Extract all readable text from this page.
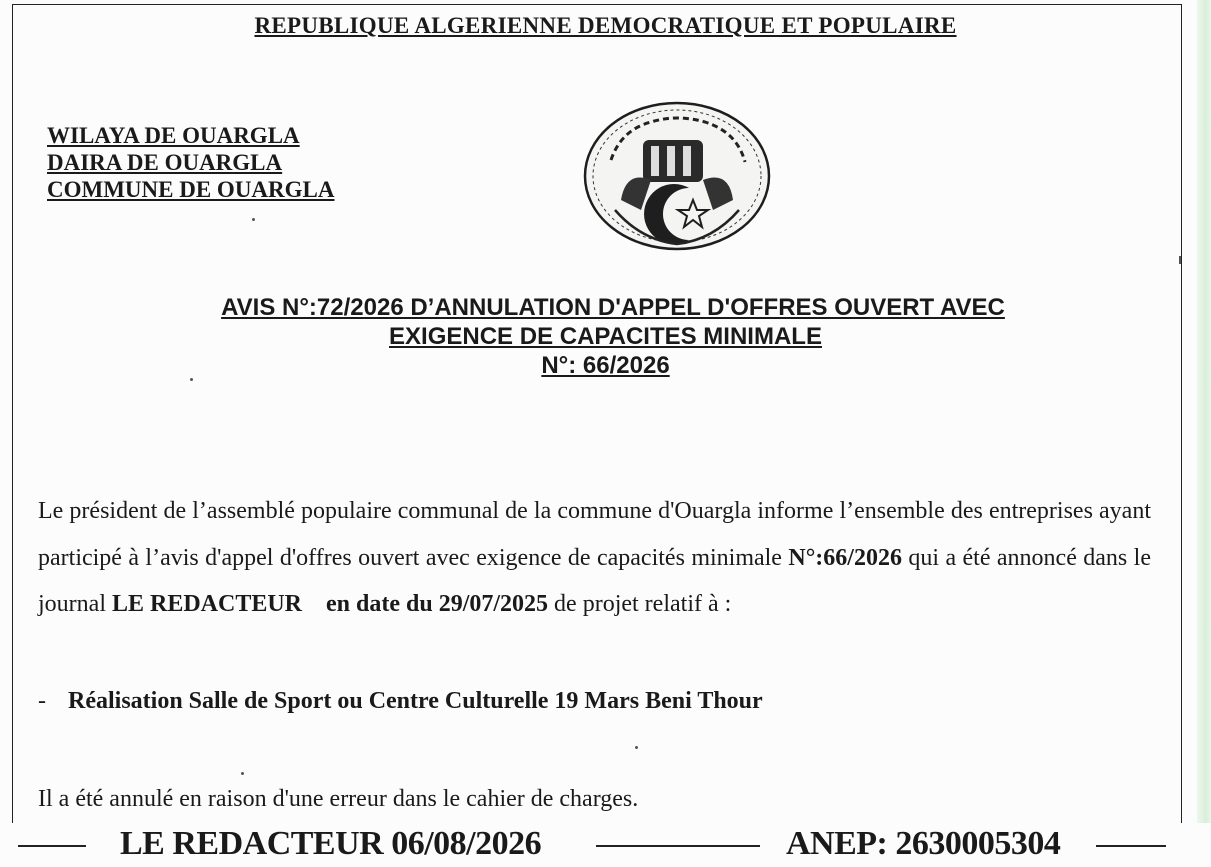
REPUBLIQUE ALGERIENNE DEMOCRATIQUE ET POPULAIRE
WILAYA DE OUARGLA
DAIRA DE OUARGLA
COMMUNE DE OUARGLA
AVIS N°:72/2026 D’ANNULATION D'APPEL D'OFFRES OUVERT AVEC
EXIGENCE DE CAPACITES MINIMALE
N°: 66/2026
Le président de l’assemblé populaire communal de la commune d'Ouargla informe l’ensemble des entreprises ayant participé à l’avis d'appel d'offres ouvert avec exigence de capacités minimale N°:66/2026 qui a été annoncé dans le journal LE REDACTEUR en date du 29/07/2025 de projet relatif à :
- Réalisation Salle de Sport ou Centre Culturelle 19 Mars Beni Thour
Il a été annulé en raison d'une erreur dans le cahier de charges.
LE REDACTEUR 06/08/2026	ANEP: 2630005304
